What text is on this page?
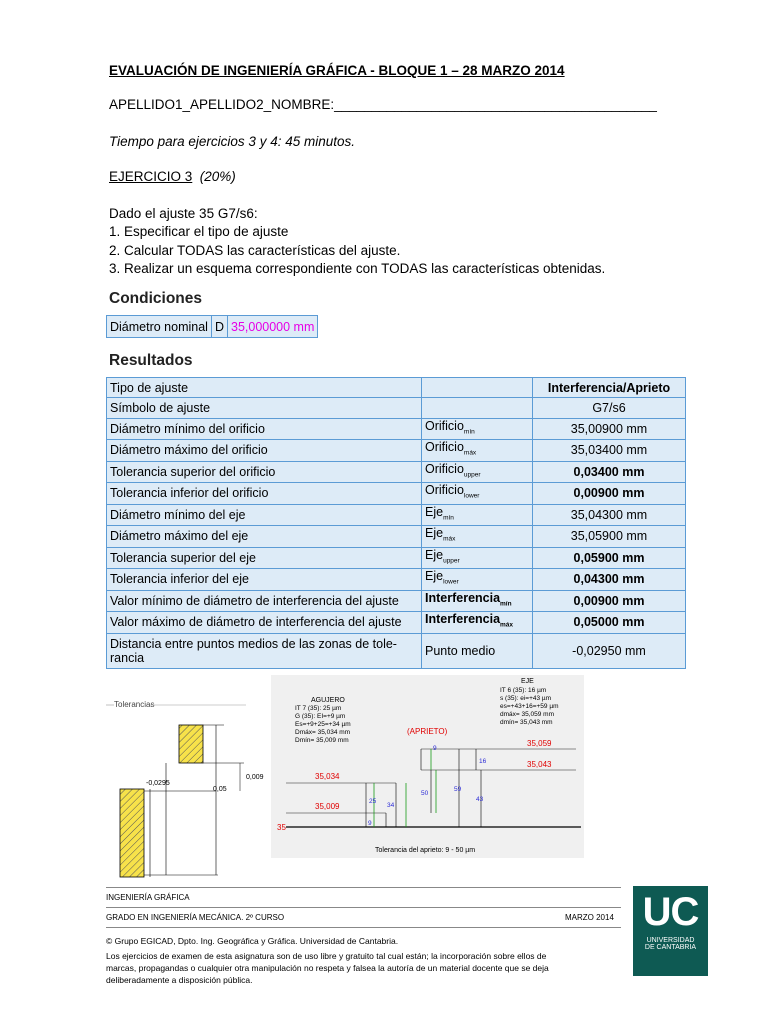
EVALUACIÓN DE INGENIERÍA GRÁFICA - BLOQUE 1 – 28 MARZO 2014
APELLIDO1_APELLIDO2_NOMBRE:___________________________________________
Tiempo para ejercicios 3 y 4: 45 minutos.
EJERCICIO 3 (20%)
Dado el ajuste 35 G7/s6:
1. Especificar el tipo de ajuste
2. Calcular TODAS las características del ajuste.
3. Realizar un esquema correspondiente con TODAS las características obtenidas.
Condiciones
Diámetro nominal	D	35,000000 mm
Resultados
Tipo de ajuste		Interferencia/Aprieto
Símbolo de ajuste		G7/s6
Diámetro mínimo del orificio	Orificio$_{mín}$	35,00900 mm
Diámetro máximo del orificio	Orificio$_{máx}$	35,03400 mm
Tolerancia superior del orificio	Orificio$_{upper}$	0,03400 mm
Tolerancia inferior del orificio	Orificio$_{lower}$	0,00900 mm
Diámetro mínimo del eje	Eje$_{mín}$	35,04300 mm
Diámetro máximo del eje	Eje$_{máx}$	35,05900 mm
Tolerancia superior del eje	Eje$_{upper}$	0,05900 mm
Tolerancia inferior del eje	Eje$_{lower}$	0,04300 mm
Valor mínimo de diámetro de interferencia del ajuste	Interferencia$_{mín}$	0,00900 mm
Valor máximo de diámetro de interferencia del ajuste	Interferencia$_{máx}$	0,05000 mm

Distancia entre puntos medios de las zonas de tole-
rancia	Punto medio	-0,02950 mm
Tolerancias
-0,0295
0,05
0,009
EJE
IT 6 (35): 16 µm
s (35): ei=+43 µm
es=+43+16=+59 µm
dmáx= 35,059 mm
dmín= 35,043 mm
AGUJERO
IT 7 (35): 25 µm
G (35): EI=+9 µm
Es=+9+25=+34 µm
Dmáx= 35,034 mm
Dmín= 35,009 mm
(APRIETO)
35,059
35,043
35,034
35,009
35
16
9
50
59
43
25
34
9
Tolerancia del aprieto: 9 - 50 µm
INGENIERÍA GRÁFICA
GRADO EN INGENIERÍA MECÁNICA. 2º CURSO	MARZO 2014
© Grupo EGICAD, Dpto. Ing. Geográfica y Gráfica. Universidad de Cantabria.
Los ejercicios de examen de esta asignatura son de uso libre y gratuito tal cual están; la incorporación sobre ellos de
marcas, propagandas o cualquier otra manipulación no respeta y falsea la autoría de un material docente que se deja
deliberadamente a disposición pública.
UC
UNIVERSIDAD
DE CANTABRIA
